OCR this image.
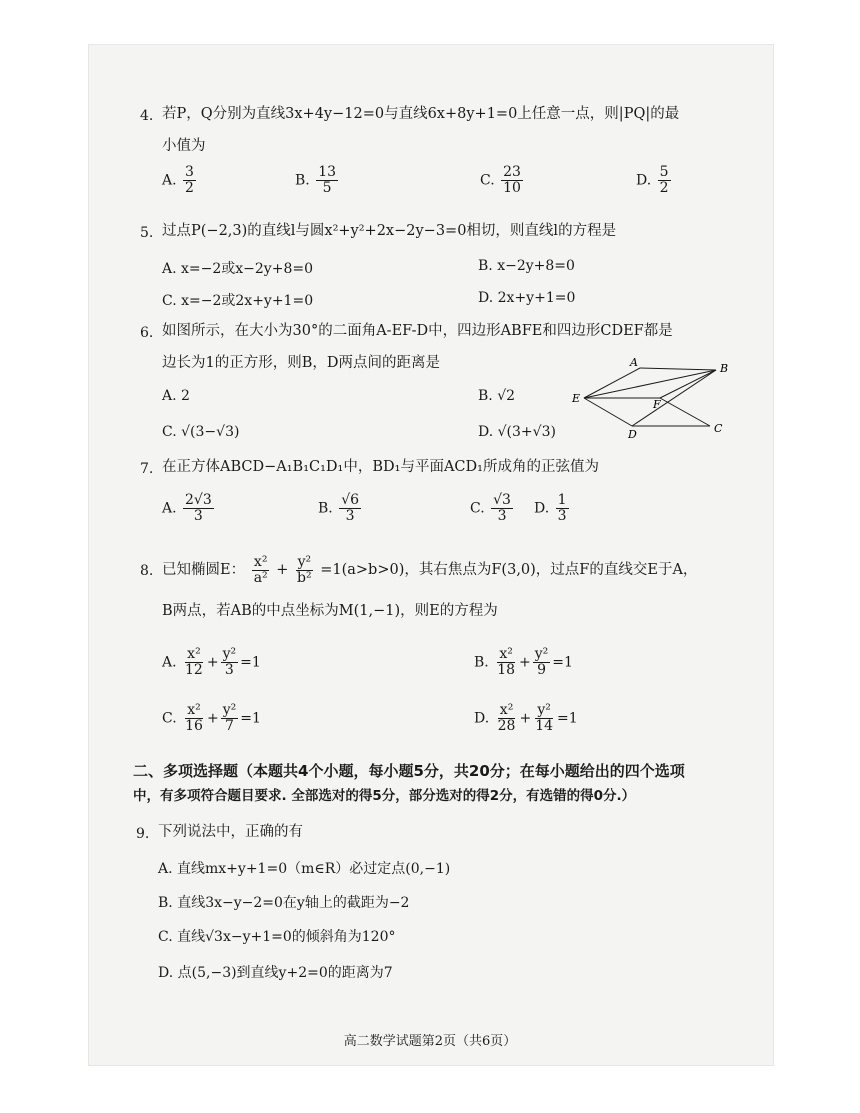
4. 若P，Q分别为直线3x+4y−12=0与直线6x+8y+1=0上任意一点，则|PQ|的最
小值为
A. $\frac{3}{2}$	B. $\frac{13}{5}$	C. $\frac{23}{10}$	D. $\frac{5}{2}$
5. 过点P(−2,3)的直线l与圆x²+y²+2x−2y−3=0相切，则直线l的方程是
A. x=−2或x−2y+8=0	B. x−2y+8=0
C. x=−2或2x+y+1=0	D. 2x+y+1=0
6. 如图所示，在大小为30°的二面角A-EF-D中，四边形ABFE和四边形CDEF都是
边长为1的正方形，则B，D两点间的距离是
A. 2	B. √2
C. √(3−√3)	D. √(3+√3)
A	B
E	F
D	C
7. 在正方体ABCD−A₁B₁C₁D₁中，BD₁与平面ACD₁所成角的正弦值为
A. $\frac{2√3}{3}$	B. $\frac{√6}{3}$	C. $\frac{√3}{3} D$. $\frac{1}{3}$
8. 已知椭圆E： $\frac{\text{x²}}{\text{a²}} + \frac{\text{y²}}{\text{b²}} =1(a>b>0)$，其右焦点为F(3,0)，过点F的直线交E于A，
B两点，若AB的中点坐标为M(1,−1)，则E的方程为
A. $\frac{\text{x²}}{12} + \frac{\text{y²}}{3} =1$	B. $\frac{\text{x²}}{18} + \frac{\text{y²}}{9} =1$
C. $\frac{\text{x²}}{16} + \frac{\text{y²}}{7} =1$	D. $\frac{\text{x²}}{28} + \frac{\text{y²}}{14} =1$
二、多项选择题（本题共4个小题，每小题5分，共20分；在每小题给出的四个选项
中，有多项符合题目要求. 全部选对的得5分，部分选对的得2分，有选错的得0分.）
9. 下列说法中，正确的有
A. 直线mx+y+1=0（m∈R）必过定点(0,−1)
B. 直线3x−y−2=0在y轴上的截距为−2
C. 直线√3x−y+1=0的倾斜角为120°
D. 点(5,−3)到直线y+2=0的距离为7
高二数学试题第2页（共6页）
